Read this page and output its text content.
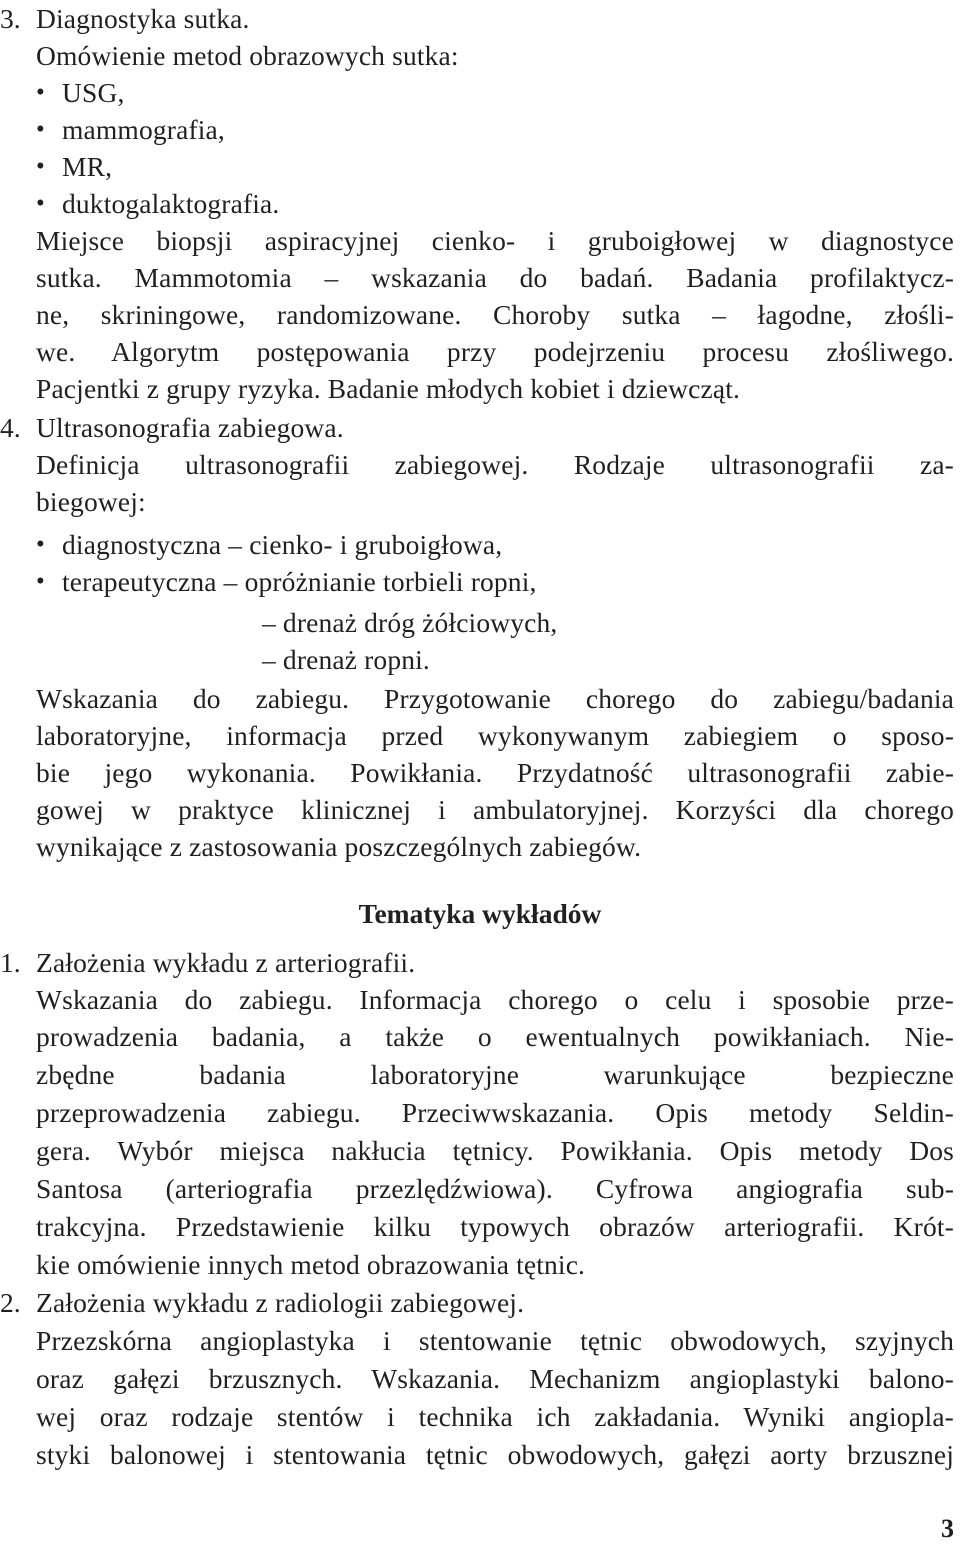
3. Diagnostyka sutka.
Omówienie metod obrazowych sutka:
• USG,
• mammografia,
• MR,
• duktogalaktografia.
Miejsce biopsji aspiracyjnej cienko- i gruboigłowej w diagnostyce
sutka. Mammotomia – wskazania do badań. Badania profilaktycz-
ne, skriningowe, randomizowane. Choroby sutka – łagodne, złośli-
we. Algorytm postępowania przy podejrzeniu procesu złośliwego.
Pacjentki z grupy ryzyka. Badanie młodych kobiet i dziewcząt.
4. Ultrasonografia zabiegowa.
Definicja ultrasonografii zabiegowej. Rodzaje ultrasonografii za-
biegowej:
• diagnostyczna – cienko- i gruboigłowa,
• terapeutyczna – opróżnianie torbieli ropni,
– drenaż dróg żółciowych,
– drenaż ropni.
Wskazania do zabiegu. Przygotowanie chorego do zabiegu/badania
laboratoryjne, informacja przed wykonywanym zabiegiem o sposo-
bie jego wykonania. Powikłania. Przydatność ultrasonografii zabie-
gowej w praktyce klinicznej i ambulatoryjnej. Korzyści dla chorego
wynikające z zastosowania poszczególnych zabiegów.
Tematyka wykładów
1. Założenia wykładu z arteriografii.
Wskazania do zabiegu. Informacja chorego o celu i sposobie prze-
prowadzenia badania, a także o ewentualnych powikłaniach. Nie-
zbędne badania laboratoryjne warunkujące bezpieczne
przeprowadzenia zabiegu. Przeciwwskazania. Opis metody Seldin-
gera. Wybór miejsca nakłucia tętnicy. Powikłania. Opis metody Dos
Santosa (arteriografia przezlędźwiowa). Cyfrowa angiografia sub-
trakcyjna. Przedstawienie kilku typowych obrazów arteriografii. Krót-
kie omówienie innych metod obrazowania tętnic.
2. Założenia wykładu z radiologii zabiegowej.
Przezskórna angioplastyka i stentowanie tętnic obwodowych, szyjnych
oraz gałęzi brzusznych. Wskazania. Mechanizm angioplastyki balono-
wej oraz rodzaje stentów i technika ich zakładania. Wyniki angiopla-
styki balonowej i stentowania tętnic obwodowych, gałęzi aorty brzusznej
3
